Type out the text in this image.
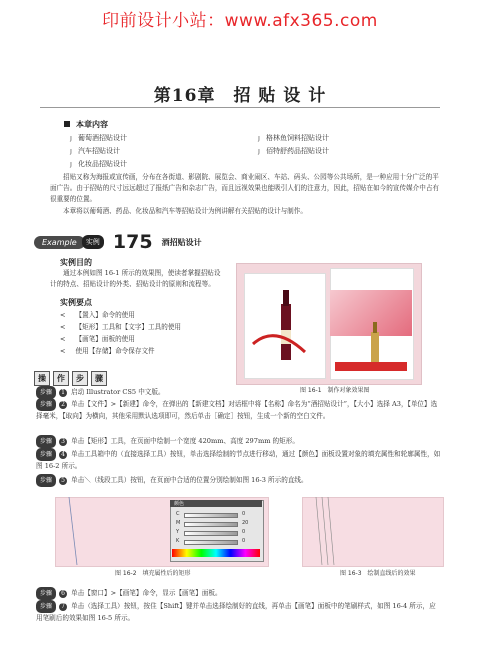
印前设计小站：www.afx365.com
第16章　招 贴 设 计
本章内容
ȷ 葡萄酒招贴设计
ȷ 汽车招贴设计
ȷ 化妆品招贴设计
ȷ 格林鱼饲料招贴设计
ȷ 佰特舒药品招贴设计
招贴又称为海报或宣传画，分布在各街道、影剧院、展览会、商业闹区、车站、码头、公园等公共场所，是一种应用十分广泛的平面广告。由于招贴的尺寸远远超过了报纸广告和杂志广告，而且远视效果也能吸引人们的注意力，因此，招贴在如今的宣传媒介中占有很重要的位置。
本章将以葡萄酒、药品、化妆品和汽车等招贴设计为例讲解有关招贴的设计与制作。
Example 实例 175 酒招贴设计
实例目的
通过本例如图 16-1 所示的效果图，使读者掌握招贴设计的特点、招贴设计的外类、招贴设计的原则和流程等。
实例要点
< 【置入】命令的使用
< 【矩形】工具和【文字】工具的使用
< 【画笔】面板的使用
< 使用【存储】命令保存文件
图 16-1　制作对象效果图
操 作 步 骤
步骤 1 启动 Illustrator CS5 中文版。
步骤 2 单击【文件】>【新建】命令，在弹出的【新建文档】对话框中将【名称】命名为“酒招贴设计”，【大小】选择 A3，【单位】选择毫米，【取向】为横向，其他采用默认选项即可，然后单击［确定］按钮，生成一个新的空白文件。
步骤 3 单击【矩形】工具，在页面中绘制一个宽度 420mm、高度 297mm 的矩形。
步骤 4 单击工具箱中的（直接选择工具）按钮，单击选择绘制的节点进行移动，通过【颜色】面板设置对象的填充属性和轮廓属性，如图 16-2 所示。
步骤 5 单击＼（线段工具）按钮，在页面中合适的位置分别绘制如图 16-3 所示的直线。
颜色
C
M
Y
K
0
20
0
0
图 16-2　填充属性后的矩形	图 16-3　绘制直线后的效果
步骤 6 单击【窗口】>【画笔】命令，显示【画笔】面板。
步骤 7 单击（选择工具）按钮，按住【Shift】键并单击选择绘制好的直线，再单击【画笔】面板中的笔刷样式，如图 16-4 所示，应用笔刷后的效果如图 16-5 所示。
